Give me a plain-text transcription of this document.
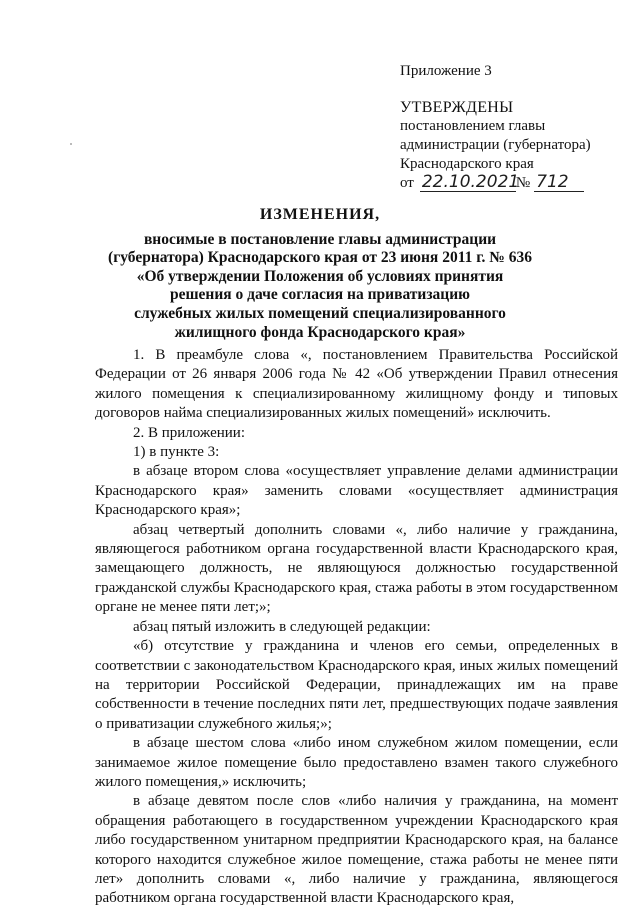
Приложение 3
УТВЕРЖДЕНЫ
постановлением главы
администрации (губернатора)
Краснодарского края
от 22.10.2021
№ 712
ИЗМЕНЕНИЯ,
вносимые в постановление главы администрации
(губернатора) Краснодарского края от 23 июня 2011 г. № 636
«Об утверждении Положения об условиях принятия
решения о даче согласия на приватизацию
служебных жилых помещений специализированного
жилищного фонда Краснодарского края»

1. В преамбуле слова «, постановлением Правительства Российской Федерации от 26 января 2006 года № 42 «Об утверждении Правил отнесения жилого помещения к специализированному жилищному фонду и типовых договоров найма специализированных жилых помещений» исключить.

2. В приложении:

1) в пункте 3:

в абзаце втором слова «осуществляет управление делами администрации Краснодарского края» заменить словами «осуществляет администрация Краснодарского края»;

абзац четвертый дополнить словами «, либо наличие у гражданина, являющегося работником органа государственной власти Краснодарского края, замещающего должность, не являющуюся должностью государственной гражданской службы Краснодарского края, стажа работы в этом государственном органе не менее пяти лет;»;

абзац пятый изложить в следующей редакции:

«б) отсутствие у гражданина и членов его семьи, определенных в соответствии с законодательством Краснодарского края, иных жилых помещений на территории Российской Федерации, принадлежащих им на праве собственности в течение последних пяти лет, предшествующих подаче заявления о приватизации служебного жилья;»;

в абзаце шестом слова «либо ином служебном жилом помещении, если занимаемое жилое помещение было предоставлено взамен такого служебного жилого помещения,» исключить;

в абзаце девятом после слов «либо наличия у гражданина, на момент обращения работающего в государственном учреждении Краснодарского края либо государственном унитарном предприятии Краснодарского края, на балансе которого находится служебное жилое помещение, стажа работы не менее пяти лет» дополнить словами «, либо наличие у гражданина, являющегося работником органа государственной власти Краснодарского края,
